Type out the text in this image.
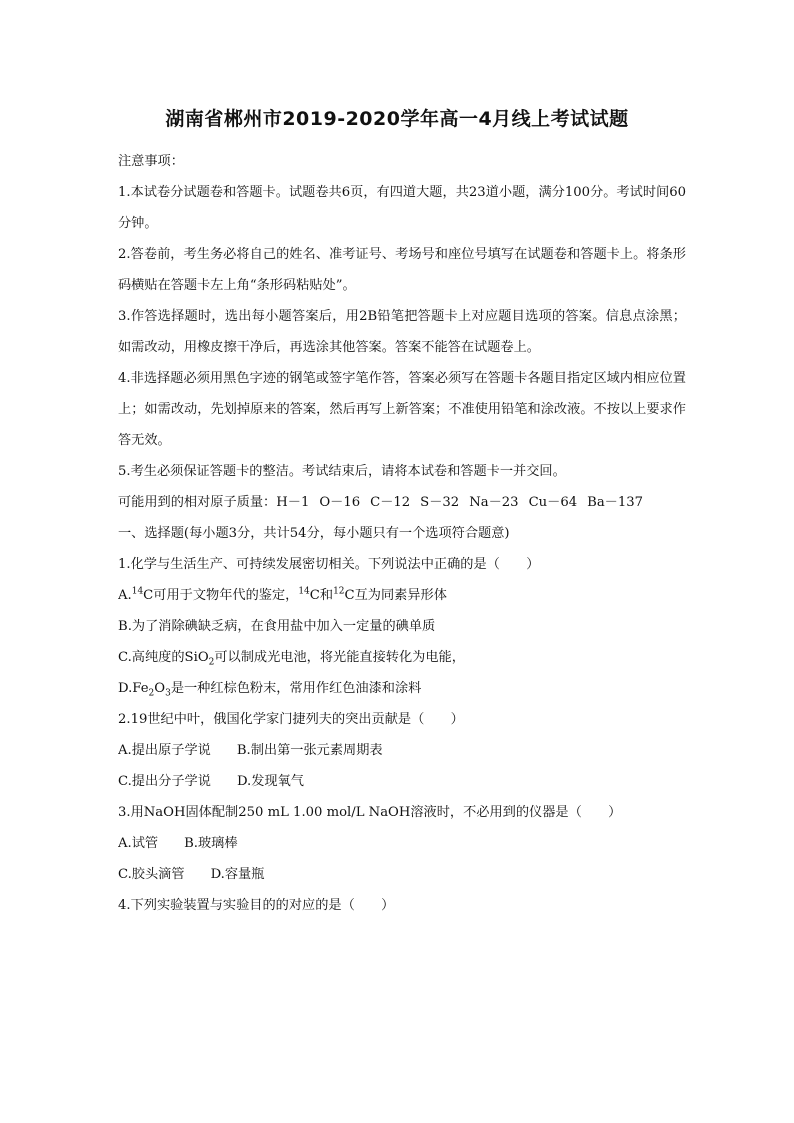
湖南省郴州市2019-2020学年高一4月线上考试试题

注意事项：

1.本试卷分试题卷和答题卡。试题卷共6页，有四道大题，共23道小题，满分100分。考试时间60分钟。

2.答卷前，考生务必将自己的姓名、准考证号、考场号和座位号填写在试题卷和答题卡上。将条形码横贴在答题卡左上角“条形码粘贴处”。

3.作答选择题时，选出每小题答案后，用2B铅笔把答题卡上对应题目选项的答案。信息点涂黑；如需改动，用橡皮擦干净后，再选涂其他答案。答案不能答在试题卷上。

4.非选择题必须用黑色字迹的钢笔或签字笔作答，答案必须写在答题卡各题目指定区域内相应位置上；如需改动，先划掉原来的答案，然后再写上新答案；不准使用铅笔和涂改液。不按以上要求作答无效。

5.考生必须保证答题卡的整洁。考试结束后，请将本试卷和答题卡一并交回。

可能用到的相对原子质量：H－1 O－16 C－12 S－32 Na－23 Cu－64 Ba－137

一、选择题(每小题3分，共计54分，每小题只有一个选项符合题意)

1.化学与生活生产、可持续发展密切相关。下列说法中正确的是（　　）

A.$^{14}$C可用于文物年代的鉴定，$^{14}$C和$^{12}$C互为同素异形体

B.为了消除碘缺乏病，在食用盐中加入一定量的碘单质

C.高纯度的SiO$_2$可以制成光电池，将光能直接转化为电能，

$D.Fe_2O_3$是一种红棕色粉末，常用作红色油漆和涂料

2.19世纪中叶，俄国化学家门捷列夫的突出贡献是（　　）

A.提出原子学说 B.制出第一张元素周期表

C.提出分子学说 D.发现氧气

3.用NaOH固体配制250 mL 1.00 mol/L NaOH溶液时，不必用到的仪器是（　　）

A.试管 B.玻璃棒

C.胶头滴管 D.容量瓶

4.下列实验装置与实验目的的对应的是（　　）
